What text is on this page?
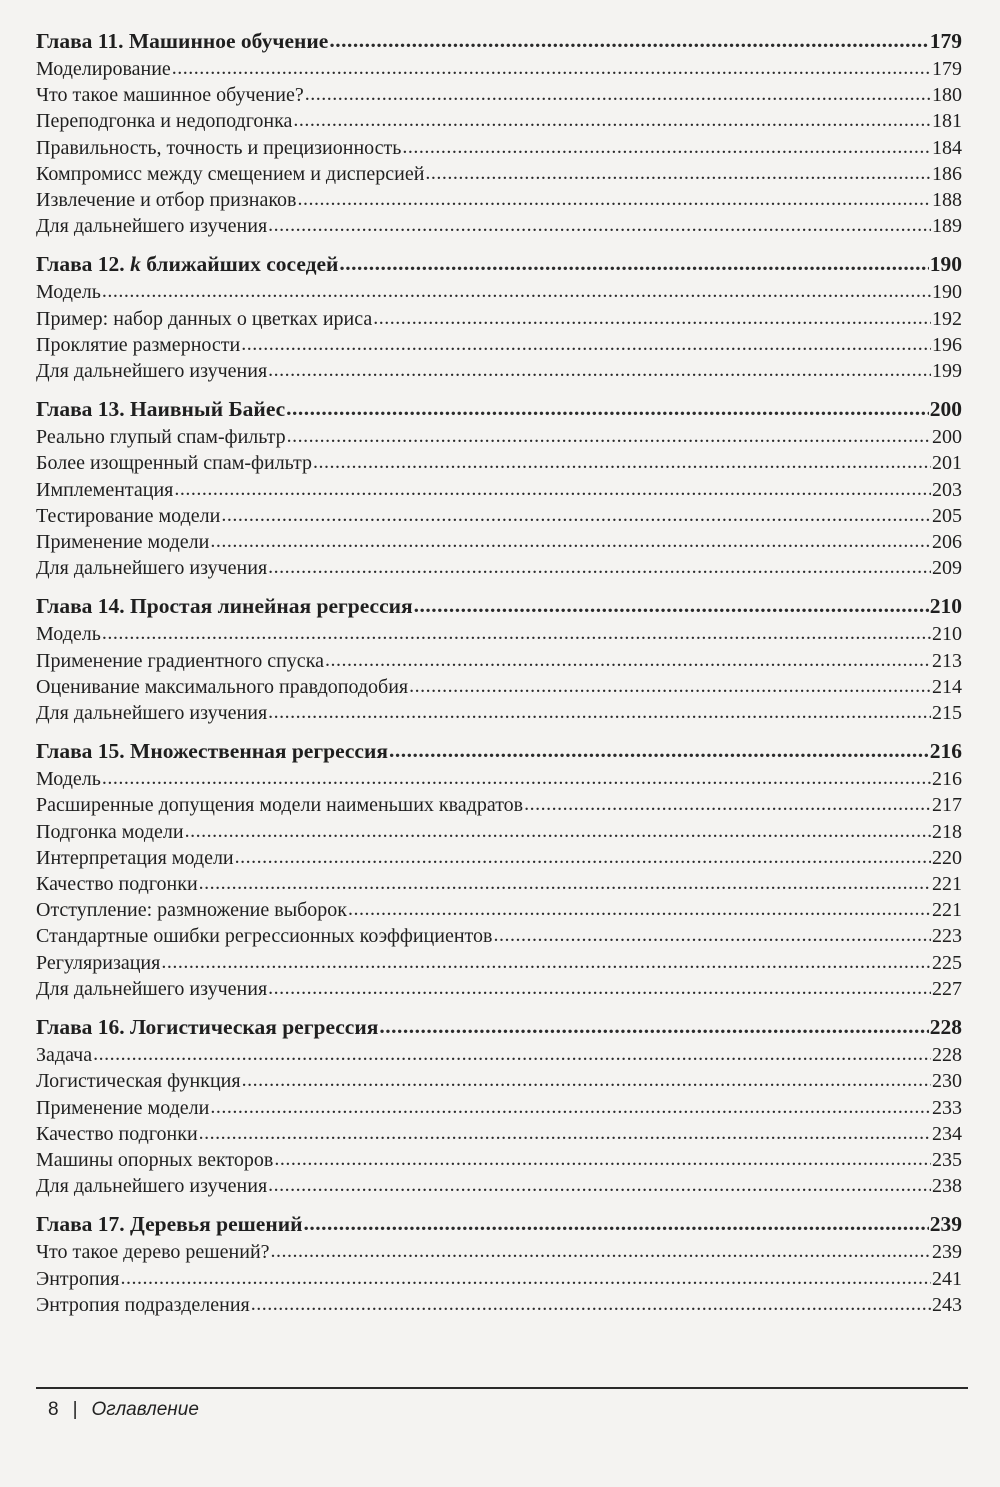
Глава 11. Машинное обучение .....	179
Моделирование .....	179
Что такое машинное обучение? .....	180
Переподгонка и недоподгонка .....	181
Правильность, точность и прецизионность .....	184
Компромисс между смещением и дисперсией .....	186
Извлечение и отбор признаков .....	188
Для дальнейшего изучения .....	189
Глава 12. k ближайших соседей .....	190
Модель .....	190
Пример: набор данных о цветках ириса .....	192
Проклятие размерности .....	196
Для дальнейшего изучения .....	199
Глава 13. Наивный Байес .....	200
Реально глупый спам-фильтр .....	200
Более изощренный спам-фильтр .....	201
Имплементация .....	203
Тестирование модели .....	205
Применение модели .....	206
Для дальнейшего изучения .....	209
Глава 14. Простая линейная регрессия .....	210
Модель .....	210
Применение градиентного спуска .....	213
Оценивание максимального правдоподобия .....	214
Для дальнейшего изучения .....	215
Глава 15. Множественная регрессия .....	216
Модель .....	216
Расширенные допущения модели наименьших квадратов .....	217
Подгонка модели .....	218
Интерпретация модели .....	220
Качество подгонки .....	221
Отступление: размножение выборок .....	221
Стандартные ошибки регрессионных коэффициентов .....	223
Регуляризация .....	225
Для дальнейшего изучения .....	227
Глава 16. Логистическая регрессия .....	228
Задача .....	228
Логистическая функция .....	230
Применение модели .....	233
Качество подгонки .....	234
Машины опорных векторов .....	235
Для дальнейшего изучения .....	238
Глава 17. Деревья решений .....	239
Что такое дерево решений? .....	239
Энтропия .....	241
Энтропия подразделения .....	243
8 | Оглавление
